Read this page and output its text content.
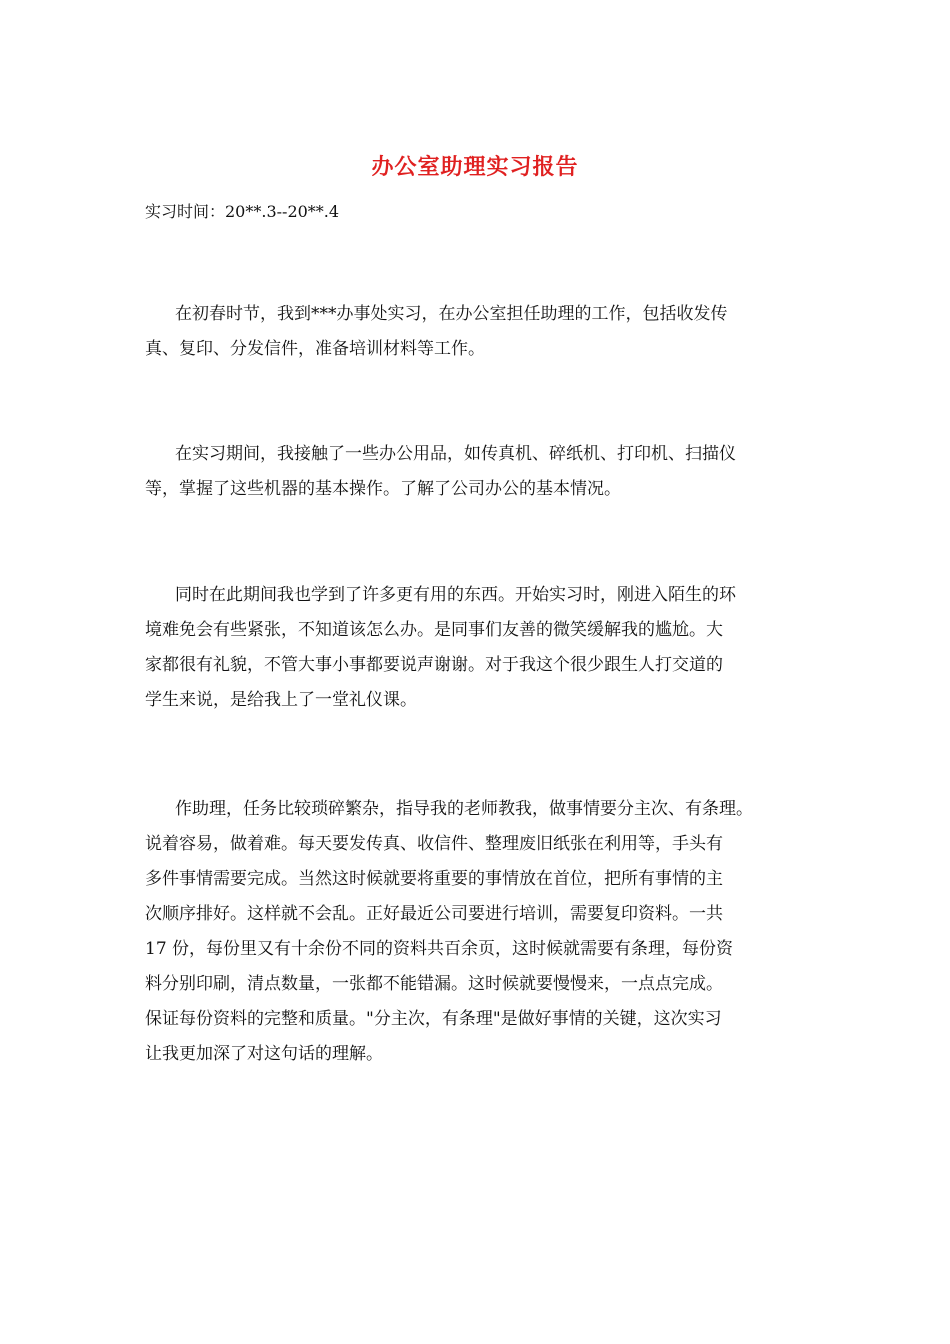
办公室助理实习报告
实习时间：20**.3--20**.4
在初春时节，我到***办事处实习，在办公室担任助理的工作，包括收发传
真、复印、分发信件，准备培训材料等工作。
在实习期间，我接触了一些办公用品，如传真机、碎纸机、打印机、扫描仪
等，掌握了这些机器的基本操作。了解了公司办公的基本情况。
同时在此期间我也学到了许多更有用的东西。开始实习时，刚进入陌生的环
境难免会有些紧张，不知道该怎么办。是同事们友善的微笑缓解我的尴尬。大
家都很有礼貌，不管大事小事都要说声谢谢。对于我这个很少跟生人打交道的
学生来说，是给我上了一堂礼仪课。
作助理，任务比较琐碎繁杂，指导我的老师教我，做事情要分主次、有条理。
说着容易，做着难。每天要发传真、收信件、整理废旧纸张在利用等，手头有
多件事情需要完成。当然这时候就要将重要的事情放在首位，把所有事情的主
次顺序排好。这样就不会乱。正好最近公司要进行培训，需要复印资料。一共
17 份，每份里又有十余份不同的资料共百余页，这时候就需要有条理，每份资
料分别印刷，清点数量，一张都不能错漏。这时候就要慢慢来，一点点完成。
保证每份资料的完整和质量。"分主次，有条理"是做好事情的关键，这次实习
让我更加深了对这句话的理解。
